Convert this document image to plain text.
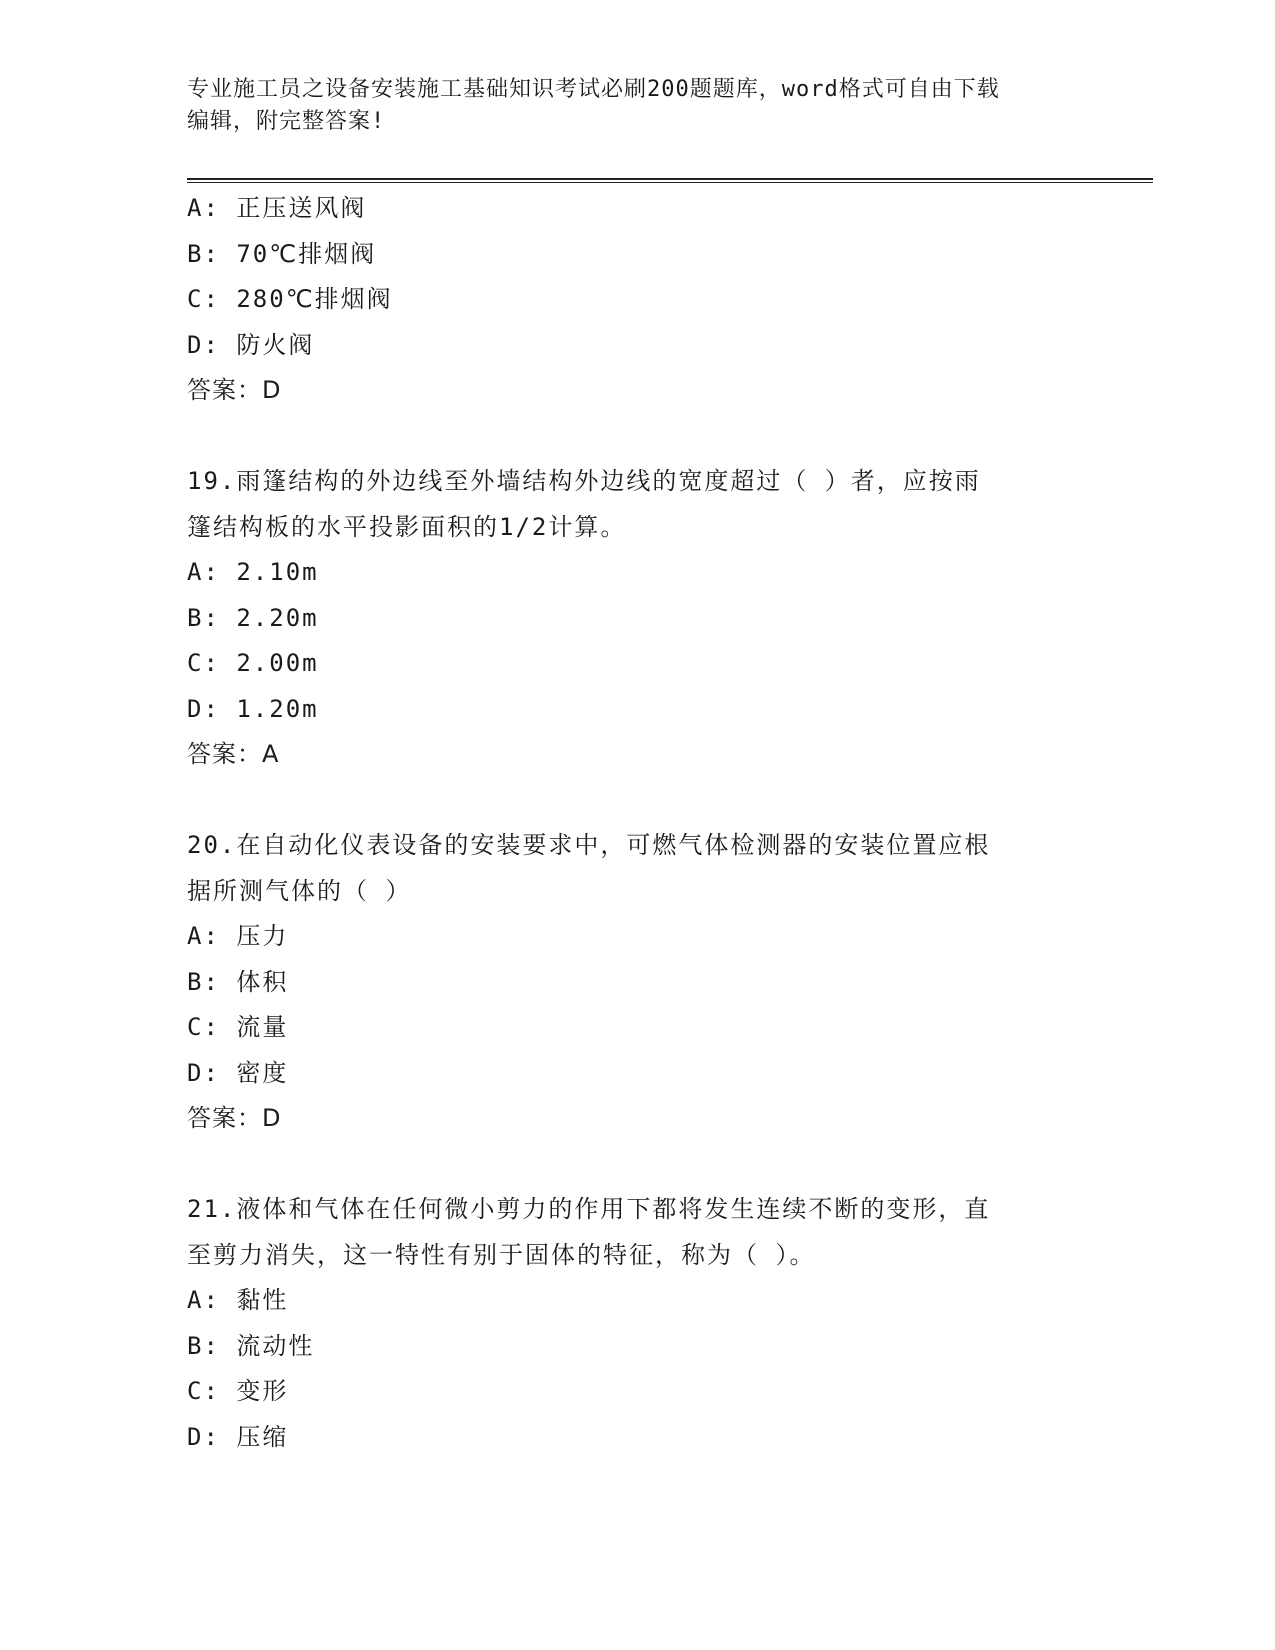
专业施工员之设备安装施工基础知识考试必刷200题题库，word格式可自由下载
编辑，附完整答案!
A: 正压送风阀
B: 70℃排烟阀
C: 280℃排烟阀
D: 防火阀
答案：D
19.雨篷结构的外边线至外墙结构外边线的宽度超过（ ）者，应按雨
篷结构板的水平投影面积的1/2计算。
A: 2.10m
B: 2.20m
C: 2.00m
D: 1.20m
答案：A
20.在自动化仪表设备的安装要求中，可燃气体检测器的安装位置应根
据所测气体的（ ）
A: 压力
B: 体积
C: 流量
D: 密度
答案：D
21.液体和气体在任何微小剪力的作用下都将发生连续不断的变形，直
至剪力消失，这一特性有别于固体的特征，称为（ ）。
A: 黏性
B: 流动性
C: 变形
D: 压缩
